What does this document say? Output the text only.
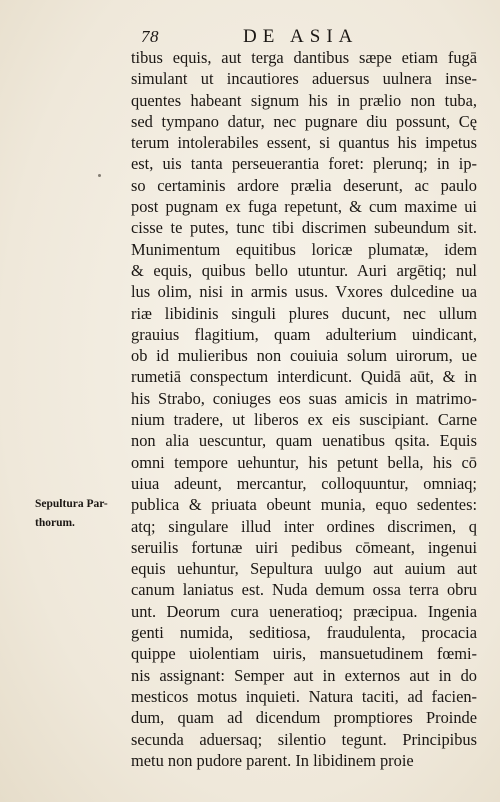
78	DE ASIA
Sepultura Par-
thorum.
tibus equis, aut terga dantibus sæpe etiam fugā
simulant ut incautiores aduersus uulnera inse-
quentes habeant signum his in prælio non tuba,
sed tympano datur, nec pugnare diu possunt, Cę
terum intolerabiles essent, si quantus his impetus
est, uis tanta perseuerantia foret: plerunq; in ip-
so certaminis ardore prælia deserunt, ac paulo
post pugnam ex fuga repetunt, & cum maxime ui
cisse te putes, tunc tibi discrimen subeundum sit.
Munimentum equitibus loricæ plumatæ, idem
& equis, quibus bello utuntur. Auri argētiq; nul
lus olim, nisi in armis usus. Vxores dulcedine ua
riæ libidinis singuli plures ducunt, nec ullum
grauius flagitium, quam adulterium uindicant,
ob id mulieribus non couiuia solum uirorum, ue
rumetiā conspectum interdicunt. Quidā aūt, & in
his Strabo, coniuges eos suas amicis in matrimo-
nium tradere, ut liberos ex eis suscipiant. Carne
non alia uescuntur, quam uenatibus qsita. Equis
omni tempore uehuntur, his petunt bella, his cō
uiua adeunt, mercantur, colloquuntur, omniaq;
publica & priuata obeunt munia, equo sedentes:
atq; singulare illud inter ordines discrimen, q
seruilis fortunæ uiri pedibus cōmeant, ingenui
equis uehuntur, Sepultura uulgo aut auium aut
canum laniatus est. Nuda demum ossa terra obru
unt. Deorum cura ueneratioq; præcipua. Ingenia
genti numida, seditiosa, fraudulenta, procacia
quippe uiolentiam uiris, mansuetudinem fœmi-
nis assignant: Semper aut in externos aut in do
mesticos motus inquieti. Natura taciti, ad facien-
dum, quam ad dicendum promptiores Proinde
secunda aduersaq; silentio tegunt. Principibus
metu non pudore parent. In libidinem proie
